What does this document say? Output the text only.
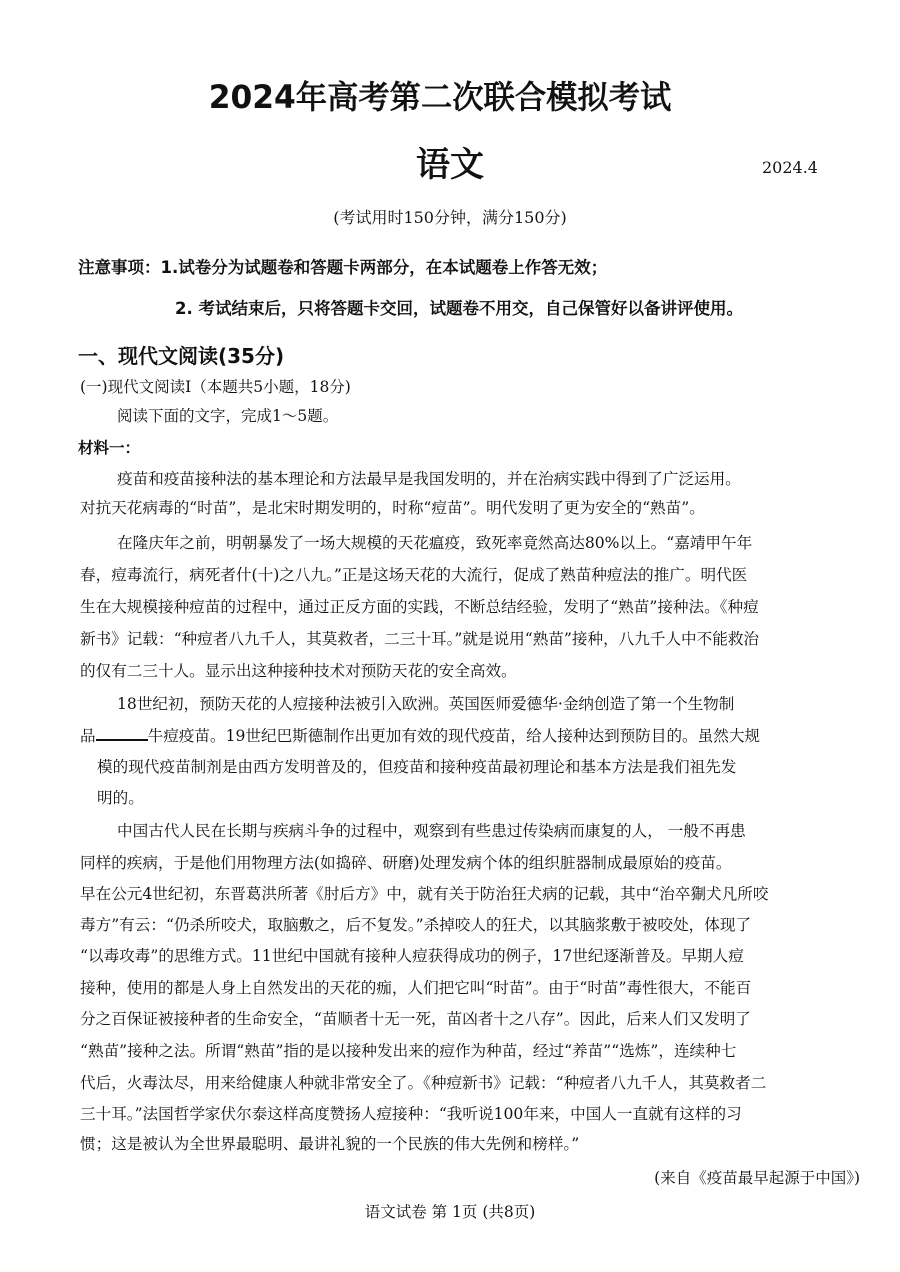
2024年高考第二次联合模拟考试
语文	2024.4
(考试用时150分钟，满分150分)
注意事项：1.试卷分为试题卷和答题卡两部分，在本试题卷上作答无效；
2. 考试结束后，只将答题卡交回，试题卷不用交，自己保管好以备讲评使用。
一、现代文阅读(35分)
(一)现代文阅读I（本题共5小题，18分)
阅读下面的文字，完成1～5题。
材料一：
疫苗和疫苗接种法的基本理论和方法最早是我国发明的，并在治病实践中得到了广泛运用。
对抗天花病毒的“时苗”，是北宋时期发明的，时称“痘苗”。明代发明了更为安全的“熟苗”。
在隆庆年之前，明朝暴发了一场大规模的天花瘟疫，致死率竟然高达80%以上。“嘉靖甲午年
春，痘毒流行，病死者什(十)之八九。”正是这场天花的大流行，促成了熟苗种痘法的推广。明代医
生在大规模接种痘苗的过程中，通过正反方面的实践，不断总结经验，发明了“熟苗”接种法。《种痘
新书》记载：“种痘者八九千人，其莫救者，二三十耳。”就是说用“熟苗”接种，八九千人中不能救治
的仅有二三十人。显示出这种接种技术对预防天花的安全高效。
18世纪初，预防天花的人痘接种法被引入欧洲。英国医师爱德华·金纳创造了第一个生物制
品	牛痘疫苗。19世纪巴斯德制作出更加有效的现代疫苗，给人接种达到预防目的。虽然大规
模的现代疫苗制剂是由西方发明普及的，但疫苗和接种疫苗最初理论和基本方法是我们祖先发
明的。
中国古代人民在长期与疾病斗争的过程中，观察到有些患过传染病而康复的人， 一般不再患
同样的疾病，于是他们用物理方法(如捣碎、研磨)处理发病个体的组织脏器制成最原始的疫苗。
早在公元4世纪初，东晋葛洪所著《肘后方》中，就有关于防治狂犬病的记载，其中“治卒猘犬凡所咬
毒方”有云：“仍杀所咬犬，取脑敷之，后不复发。”杀掉咬人的狂犬，以其脑浆敷于被咬处，体现了
“以毒攻毒”的思维方式。11世纪中国就有接种人痘获得成功的例子，17世纪逐渐普及。早期人痘
接种，使用的都是人身上自然发出的天花的痂，人们把它叫“时苗”。由于“时苗”毒性很大，不能百
分之百保证被接种者的生命安全，“苗顺者十无一死，苗凶者十之八存”。因此，后来人们又发明了
“熟苗”接种之法。所谓“熟苗”指的是以接种发出来的痘作为种苗，经过“养苗”“选炼”，连续种七
代后，火毒汰尽，用来给健康人种就非常安全了。《种痘新书》记载：“种痘者八九千人，其莫救者二
三十耳。”法国哲学家伏尔泰这样高度赞扬人痘接种：“我听说100年来，中国人一直就有这样的习
惯；这是被认为全世界最聪明、最讲礼貌的一个民族的伟大先例和榜样。”
(来自《疫苗最早起源于中国》)
语文试卷 第 1页 (共8页)
